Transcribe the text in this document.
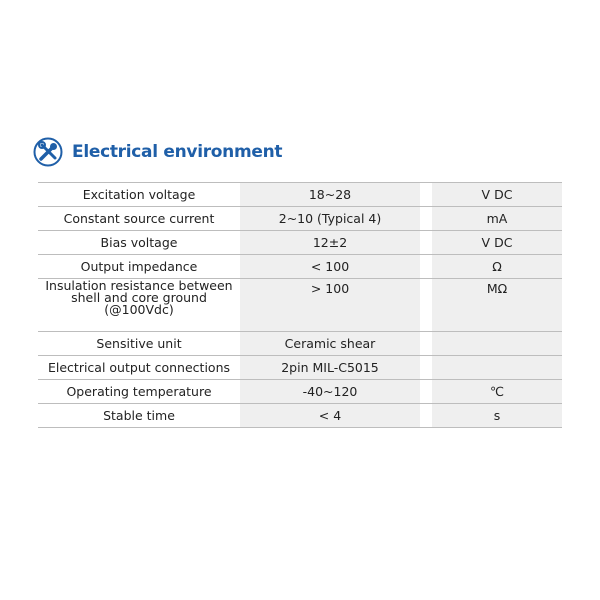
Electrical environment
Excitation voltage	18~28		V DC
Constant source current	2~10 (Typical 4)		mA
Bias voltage	12±2		V DC
Output impedance	< 100		Ω
Insulation resistance between shell and core ground (@100Vdc)	> 100		MΩ
Sensitive unit	Ceramic shear		
Electrical output connections	2pin MIL-C5015		
Operating temperature	-40~120		℃
Stable time	< 4		s
